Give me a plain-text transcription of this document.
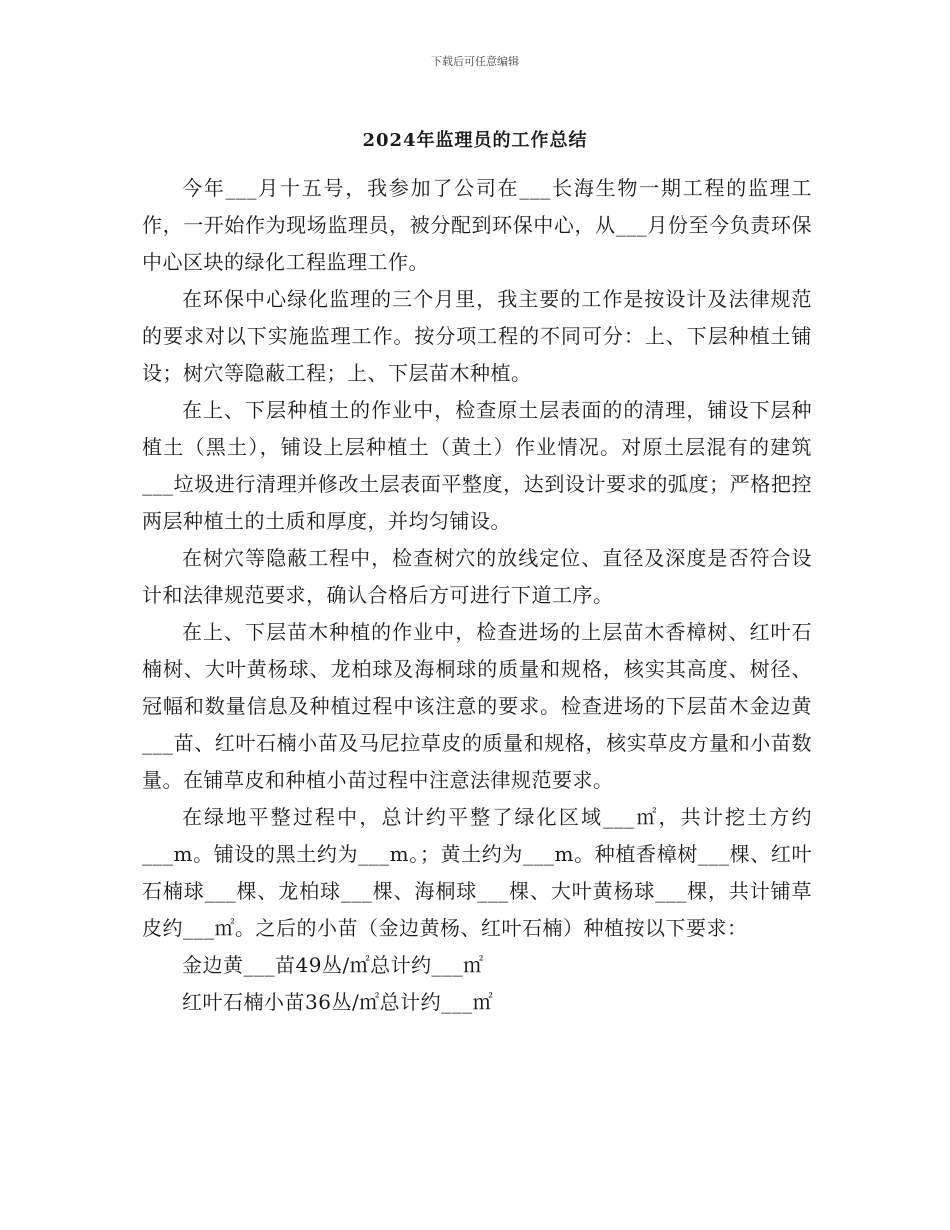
下载后可任意编辑
2024年监理员的工作总结

今年___月十五号，我参加了公司在___长海生物一期工程的监理工作，一开始作为现场监理员，被分配到环保中心，从___月份至今负责环保中心区块的绿化工程监理工作。

在环保中心绿化监理的三个月里，我主要的工作是按设计及法律规范的要求对以下实施监理工作。按分项工程的不同可分：上、下层种植土铺设；树穴等隐蔽工程；上、下层苗木种植。

在上、下层种植土的作业中，检查原土层表面的的清理，铺设下层种植土（黑土），铺设上层种植土（黄土）作业情况。对原土层混有的建筑___垃圾进行清理并修改土层表面平整度，达到设计要求的弧度；严格把控两层种植土的土质和厚度，并均匀铺设。

在树穴等隐蔽工程中，检查树穴的放线定位、直径及深度是否符合设计和法律规范要求，确认合格后方可进行下道工序。

在上、下层苗木种植的作业中，检查进场的上层苗木香樟树、红叶石楠树、大叶黄杨球、龙柏球及海桐球的质量和规格，核实其高度、树径、冠幅和数量信息及种植过程中该注意的要求。检查进场的下层苗木金边黄___苗、红叶石楠小苗及马尼拉草皮的质量和规格，核实草皮方量和小苗数量。在铺草皮和种植小苗过程中注意法律规范要求。

在绿地平整过程中，总计约平整了绿化区域___㎡，共计挖土方约___m。铺设的黑土约为___m。；黄土约为___m。种植香樟树___棵、红叶石楠球___棵、龙柏球___棵、海桐球___棵、大叶黄杨球___棵，共计铺草皮约___㎡。之后的小苗（金边黄杨、红叶石楠）种植按以下要求：

金边黄___苗49丛/㎡总计约___㎡

红叶石楠小苗36丛/㎡总计约___㎡
